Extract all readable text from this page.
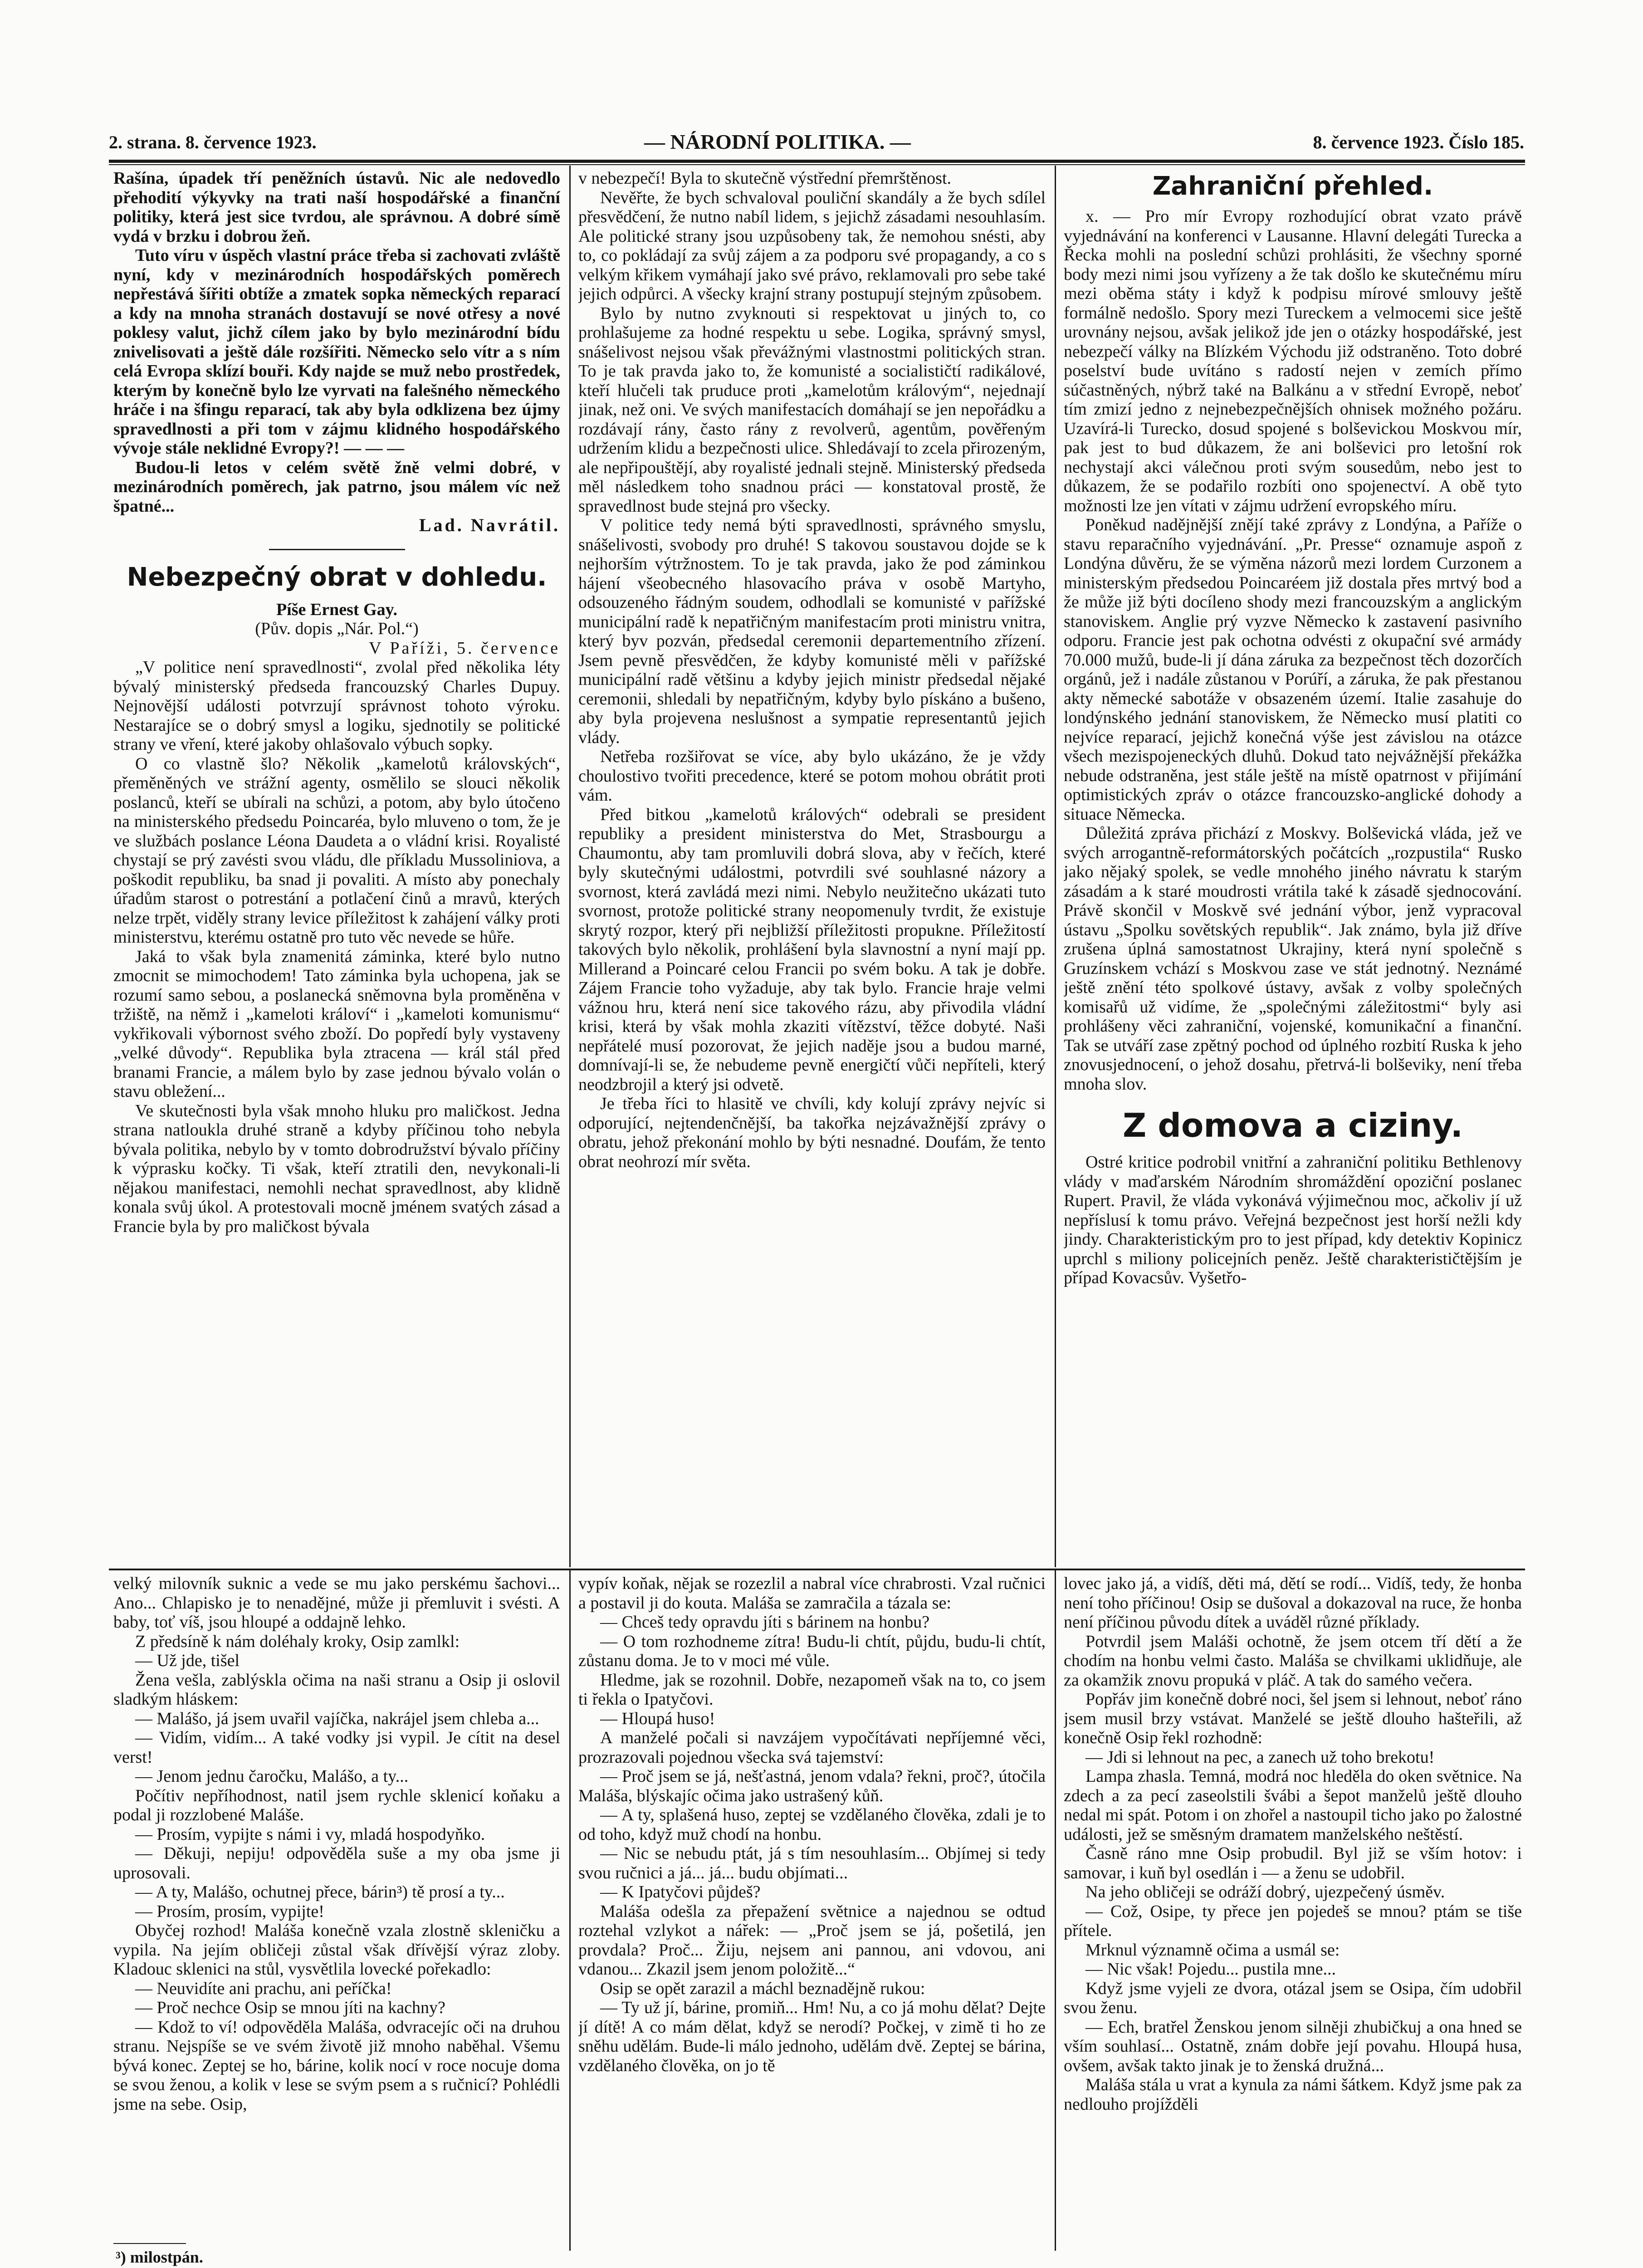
2. strana. 8. července 1923.	— NÁRODNÍ POLITIKA. —	8. července 1923. Číslo 185.

Rašína, úpadek tří peněžních ústavů. Nic ale nedovedlo přehodití výkyvky na trati naší hospodářské a finanční politiky, která jest sice tvrdou, ale správnou. A dobré símě vydá v brzku i dobrou žeň.

Tuto víru v úspěch vlastní práce třeba si zachovati zvláště nyní, kdy v mezinárodních hospodářských poměrech nepřestává šířiti obtíže a zmatek sopka německých reparací a kdy na mnoha stranách dostavují se nové otřesy a nové poklesy valut, jichž cílem jako by bylo mezinárodní bídu znivelisovati a ještě dále rozšířiti. Německo selo vítr a s ním celá Evropa sklízí bouři. Kdy najde se muž nebo prostředek, kterým by konečně bylo lze vyrvati na falešného německého hráče i na šfingu reparací, tak aby byla odklizena bez újmy spravedlnosti a při tom v zájmu klidného hospodářského vývoje stále neklidné Evropy?! — — —

Budou-li letos v celém světě žně velmi dobré, v mezinárodních poměrech, jak patrno, jsou málem víc než špatné...

Lad. Navrátil.

Nebezpečný obrat v dohledu.

Píše Ernest Gay.

(Pův. dopis „Nár. Pol.“)

V Paříži, 5. července

„V politice není spravedlnosti“, zvolal před několika léty bývalý ministerský předseda francouzský Charles Dupuy. Nejnovější události potvrzují správnost tohoto výroku. Nestarajíce se o dobrý smysl a logiku, sjednotily se politické strany ve vření, které jakoby ohlašovalo výbuch sopky.

O co vlastně šlo? Několik „kamelotů královských“, přeměněných ve strážní agenty, osmělilo se slouci několik poslanců, kteří se ubírali na schůzi, a potom, aby bylo útočeno na ministerského předsedu Poincaréa, bylo mluveno o tom, že je ve službách poslance Léona Daudeta a o vládní krisi. Royalisté chystají se prý zavésti svou vládu, dle příkladu Mussoliniova, a poškodit republiku, ba snad ji povaliti. A místo aby ponechaly úřadům starost o potrestání a potlačení činů a mravů, kterých nelze trpět, viděly strany levice příležitost k zahájení války proti ministerstvu, kterému ostatně pro tuto věc nevede se hůře.

Jaká to však byla znamenitá záminka, které bylo nutno zmocnit se mimochodem! Tato záminka byla uchopena, jak se rozumí samo sebou, a poslanecká sněmovna byla proměněna v tržiště, na němž i „kameloti královí“ i „kameloti komunismu“ vykřikovali výbornost svého zboží. Do popředí byly vystaveny „velké důvody“. Republika byla ztracena — král stál před branami Francie, a málem bylo by zase jednou bývalo volán o stavu obležení...

Ve skutečnosti byla však mnoho hluku pro maličkost. Jedna strana natloukla druhé straně a kdyby příčinou toho nebyla bývala politika, nebylo by v tomto dobrodružství bývalo příčiny k výprasku kočky. Ti však, kteří ztratili den, nevykonali-li nějakou manifestaci, nemohli nechat spravedlnost, aby klidně konala svůj úkol. A protestovali mocně jménem svatých zásad a Francie byla by pro maličkost bývala

v nebezpečí! Byla to skutečně výstřední přemrštěnost.

Nevěřte, že bych schvaloval pouliční skandály a že bych sdílel přesvědčení, že nutno nabíl lidem, s jejichž zásadami nesouhlasím. Ale politické strany jsou uzpůsobeny tak, že nemohou snésti, aby to, co pokládají za svůj zájem a za podporu své propagandy, a co s velkým křikem vymáhají jako své právo, reklamovali pro sebe také jejich odpůrci. A všecky krajní strany postupují stejným způsobem.

Bylo by nutno zvyknouti si respektovat u jiných to, co prohlašujeme za hodné respektu u sebe. Logika, správný smysl, snášelivost nejsou však převážnými vlastnostmi politických stran. To je tak pravda jako to, že komunisté a socialističtí radikálové, kteří hlučeli tak pruduce proti „kamelotům královým“, nejednají jinak, než oni. Ve svých manifestacích domáhají se jen nepořádku a rozdávají rány, často rány z revolverů, agentům, pověřeným udržením klidu a bezpečnosti ulice. Shledávají to zcela přirozeným, ale nepřipouštějí, aby royalisté jednali stejně. Ministerský předseda měl následkem toho snadnou práci — konstatoval prostě, že spravedlnost bude stejná pro všecky.

V politice tedy nemá býti spravedlnosti, správného smyslu, snášelivosti, svobody pro druhé! S takovou soustavou dojde se k nejhorším výtržnostem. To je tak pravda, jako že pod záminkou hájení všeobecného hlasovacího práva v osobě Martyho, odsouzeného řádným soudem, odhodlali se komunisté v pařížské municipální radě k nepatřičným manifestacím proti ministru vnitra, který byv pozván, předsedal ceremonii departementního zřízení. Jsem pevně přesvědčen, že kdyby komunisté měli v pařížské municipální radě většinu a kdyby jejich ministr předsedal nějaké ceremonii, shledali by nepatřičným, kdyby bylo pískáno a bušeno, aby byla projevena neslušnost a sympatie representantů jejich vlády.

Netřeba rozšiřovat se více, aby bylo ukázáno, že je vždy choulostivo tvořiti precedence, které se potom mohou obrátit proti vám.

Před bitkou „kamelotů králových“ odebrali se president republiky a president ministerstva do Met, Strasbourgu a Chaumontu, aby tam promluvili dobrá slova, aby v řečích, které byly skutečnými událostmi, potvrdili své souhlasné názory a svornost, která zavládá mezi nimi. Nebylo neužitečno ukázati tuto svornost, protože politické strany neopomenuly tvrdit, že existuje skrytý rozpor, který při nejbližší příležitosti propukne. Příležitostí takových bylo několik, prohlášení byla slavnostní a nyní mají pp. Millerand a Poincaré celou Francii po svém boku. A tak je dobře. Zájem Francie toho vyžaduje, aby tak bylo. Francie hraje velmi vážnou hru, která není sice takového rázu, aby přivodila vládní krisi, která by však mohla zkaziti vítězství, těžce dobyté. Naši nepřátelé musí pozorovat, že jejich naděje jsou a budou marné, domnívají-li se, že nebudeme pevně energičtí vůči nepříteli, který neodzbrojil a který jsi odvetě.

Je třeba říci to hlasitě ve chvíli, kdy kolují zprávy nejvíc si odporující, nejtendenčnější, ba takořka nejzávažnější zprávy o obratu, jehož překonání mohlo by býti nesnadné. Doufám, že tento obrat neohrozí mír světa.

Zahraniční přehled.

x. — Pro mír Evropy rozhodující obrat vzato právě vyjednávání na konferenci v Lausanne. Hlavní delegáti Turecka a Řecka mohli na poslední schůzi prohlásiti, že všechny sporné body mezi nimi jsou vyřízeny a že tak došlo ke skutečnému míru mezi oběma státy i když k podpisu mírové smlouvy ještě formálně nedošlo. Spory mezi Tureckem a velmocemi sice ještě urovnány nejsou, avšak jelikož jde jen o otázky hospodářské, jest nebezpečí války na Blízkém Východu již odstraněno. Toto dobré poselství bude uvítáno s radostí nejen v zemích přímo súčastněných, nýbrž také na Balkánu a v střední Evropě, neboť tím zmizí jedno z nejnebezpečnějších ohnisek možného požáru. Uzavírá-li Turecko, dosud spojené s bolševickou Moskvou mír, pak jest to bud důkazem, že ani bolševici pro letošní rok nechystají akci válečnou proti svým sousedům, nebo jest to důkazem, že se podařilo rozbíti ono spojenectví. A obě tyto možnosti lze jen vítati v zájmu udržení evropského míru.

Poněkud nadějnější znějí také zprávy z Londýna, a Paříže o stavu reparačního vyjednávání. „Pr. Presse“ oznamuje aspoň z Londýna důvěru, že se výměna názorů mezi lordem Curzonem a ministerským předsedou Poincaréem již dostala přes mrtvý bod a že může již býti docíleno shody mezi francouzským a anglickým stanoviskem. Anglie prý vyzve Německo k zastavení pasivního odporu. Francie jest pak ochotna odvésti z okupační své armády 70.000 mužů, bude-li jí dána záruka za bezpečnost těch dozorčích orgánů, jež i nadále zůstanou v Porúří, a záruka, že pak přestanou akty německé sabotáže v obsazeném území. Italie zasahuje do londýnského jednání stanoviskem, že Německo musí platiti co nejvíce reparací, jejichž konečná výše jest závislou na otázce všech mezispojeneckých dluhů. Dokud tato nejvážnější překážka nebude odstraněna, jest stále ještě na místě opatrnost v přijímání optimistických zpráv o otázce francouzsko-anglické dohody a situace Německa.

Důležitá zpráva přichází z Moskvy. Bolševická vláda, jež ve svých arrogantně-reformátorských počátcích „rozpustila“ Rusko jako nějaký spolek, se vedle mnohého jiného návratu k starým zásadám a k staré moudrosti vrátila také k zásadě sjednocování. Právě skončil v Moskvě své jednání výbor, jenž vypracoval ústavu „Spolku sovětských republik“. Jak známo, byla již dříve zrušena úplná samostatnost Ukrajiny, která nyní společně s Gruzínskem vchází s Moskvou zase ve stát jednotný. Neznámé ještě znění této spolkové ústavy, avšak z volby společných komisařů už vidíme, že „společnými záležitostmi“ byly asi prohlášeny věci zahraniční, vojenské, komunikační a finanční. Tak se utváří zase zpětný pochod od úplného rozbití Ruska k jeho znovusjednocení, o jehož dosahu, přetrvá-li bolševiky, není třeba mnoha slov.

Z domova a ciziny.

Ostré kritice podrobil vnitřní a zahraniční politiku Bethlenovy vlády v maďarském Národním shromáždění opoziční poslanec Rupert. Pravil, že vláda vykonává výjimečnou moc, ačkoliv jí už nepříslusí k tomu právo. Veřejná bezpečnost jest horší nežli kdy jindy. Charakteristickým pro to jest případ, kdy detektiv Kopinicz uprchl s miliony policejních peněz. Ještě charakterističtějším je případ Kovacsův. Vyšetřo-

velký milovník suknic a vede se mu jako perskému šachovi... Ano... Chlapisko je to nenadějné, může ji přemluvit i svésti. A baby, toť víš, jsou hloupé a oddajně lehko.

Z předsíně k nám doléhaly kroky, Osip zamlkl:

— Už jde, tišel

Žena vešla, zablýskla očima na naši stranu a Osip ji oslovil sladkým hláskem:

— Malášo, já jsem uvařil vajíčka, nakrájel jsem chleba a...

— Vidím, vidím... A také vodky jsi vypil. Je cítit na desel verst!

— Jenom jednu čaročku, Malášo, a ty...

Počítiv nepříhodnost, natil jsem rychle sklenicí koňaku a podal ji rozzlobené Maláše.

— Prosím, vypijte s námi i vy, mladá hospodyňko.

— Děkuji, nepiju! odpověděla suše a my oba jsme ji uprosovali.

— A ty, Malášo, ochutnej přece, bárin³) tě prosí a ty...

— Prosím, prosím, vypijte!

Obyčej rozhod! Malášа konečně vzala zlostně skleničku a vypila. Na jejím obličeji zůstal však dřívější výraz zloby. Kladouc sklenici na stůl, vysvětlila lovecké pořekadlo:

— Neuvidíte ani prachu, ani peříčka!

— Proč nechce Osip se mnou jíti na kachny?

— Kdož to ví! odpověděla Malášа, odvracejíc oči na druhou stranu. Nejspíše se ve svém životě již mnoho naběhal. Všemu bývá konec. Zeptej se ho, bárine, kolik nocí v roce nocuje doma se svou ženou, a kolik v lese se svým psem a s ručnicí? Pohlédli jsme na sebe. Osip,

vypív koňak, nějak se rozezlil a nabral více chrabrosti. Vzal ručnici a postavil ji do kouta. Malášа se zamračila a tázala se:

— Chceš tedy opravdu jíti s bárinem na honbu?

— O tom rozhodneme zítra! Budu-li chtít, půjdu, budu-li chtít, zůstanu doma. Je to v moci mé vůle.

Hledme, jak se rozohnil. Dobře, nezapomeň však na to, co jsem ti řekla o Ipatyčovi.

— Hloupá huso!

A manželé počali si navzájem vypočítávati nepříjemné věci, prozrazovali pojednou všecka svá tajemství:

— Proč jsem se já, nešťastná, jenom vdala? řekni, proč?, útočila Malášа, blýskajíc očima jako ustrašený kůň.

— A ty, splašená huso, zeptej se vzdělaného člověka, zdali je to od toho, když muž chodí na honbu.

— Nic se nebudu ptát, já s tím nesouhlasím... Objímej si tedy svou ručnici a já... já... budu objímati...

— K Ipatyčovi půjdeš?

Malášа odešla za přepažení světnice a najednou se odtud roztehal vzlykot a nářek: — „Proč jsem se já, pošetilá, jen provdala? Proč... Žiju, nejsem ani pannou, ani vdovou, ani vdanou... Zkazil jsem jenom položitě...“

Osip se opět zarazil a máchl beznadějně rukou:

— Ty už jí, bárine, promiň... Hm! Nu, a co já mohu dělat? Dejte jí dítě! A co mám dělat, když se nerodí? Počkej, v zimě ti ho ze sněhu udělám. Bude-li málo jednoho, udělám dvě. Zeptej se bárina, vzdělaného člověka, on jo tě

lovec jako já, a vidíš, děti má, dětí se rodí... Vidíš, tedy, že honba není toho příčinou! Osip se dušoval a dokazoval na ruce, že honba není příčinou původu dítek a uváděl různé příklady.

Potvrdil jsem Maláši ochotně, že jsem otcem tří dětí a že chodím na honbu velmi často. Malášа se chvilkami uklidňuje, ale za okamžik znovu propuká v pláč. A tak do samého večera.

Popřáv jim konečně dobré noci, šel jsem si lehnout, neboť ráno jsem musil brzy vstávat. Manželé se ještě dlouho hašteřili, až konečně Osip řekl rozhodně:

— Jdi si lehnout na pec, a zanech už toho brekotu!

Lampa zhasla. Temná, modrá noc hleděla do oken světnice. Na zdech a za pecí zaseolstili švábi a šepot manželů ještě dlouho nedal mi spát. Potom i on zhořel a nastoupil ticho jako po žalostné události, jež se směsným dramatem manželského neštěstí.

Časně ráno mne Osip probudil. Byl již se vším hotov: i samovar, i kuň byl osedlán i — a ženu se udobřil.

Na jeho obličeji se odráží dobrý, ujezpečený úsměv.

— Což, Osipe, ty přece jen pojedeš se mnou? ptám se tiše přítele.

Mrknul významně očima a usmál se:

— Nic však! Pojedu... pustila mne...

Když jsme vyjeli ze dvora, otázal jsem se Osipa, čím udobřil svou ženu.

— Ech, bratřel Ženskou jenom silněji zhubičkuj a ona hned se vším souhlasí... Ostatně, znám dobře její povahu. Hloupá husa, ovšem, avšak takto jinak je to ženská družná...

Malášа stála u vrat a kynula za námi šátkem. Když jsme pak za nedlouho projížděli

³) milostpán.
